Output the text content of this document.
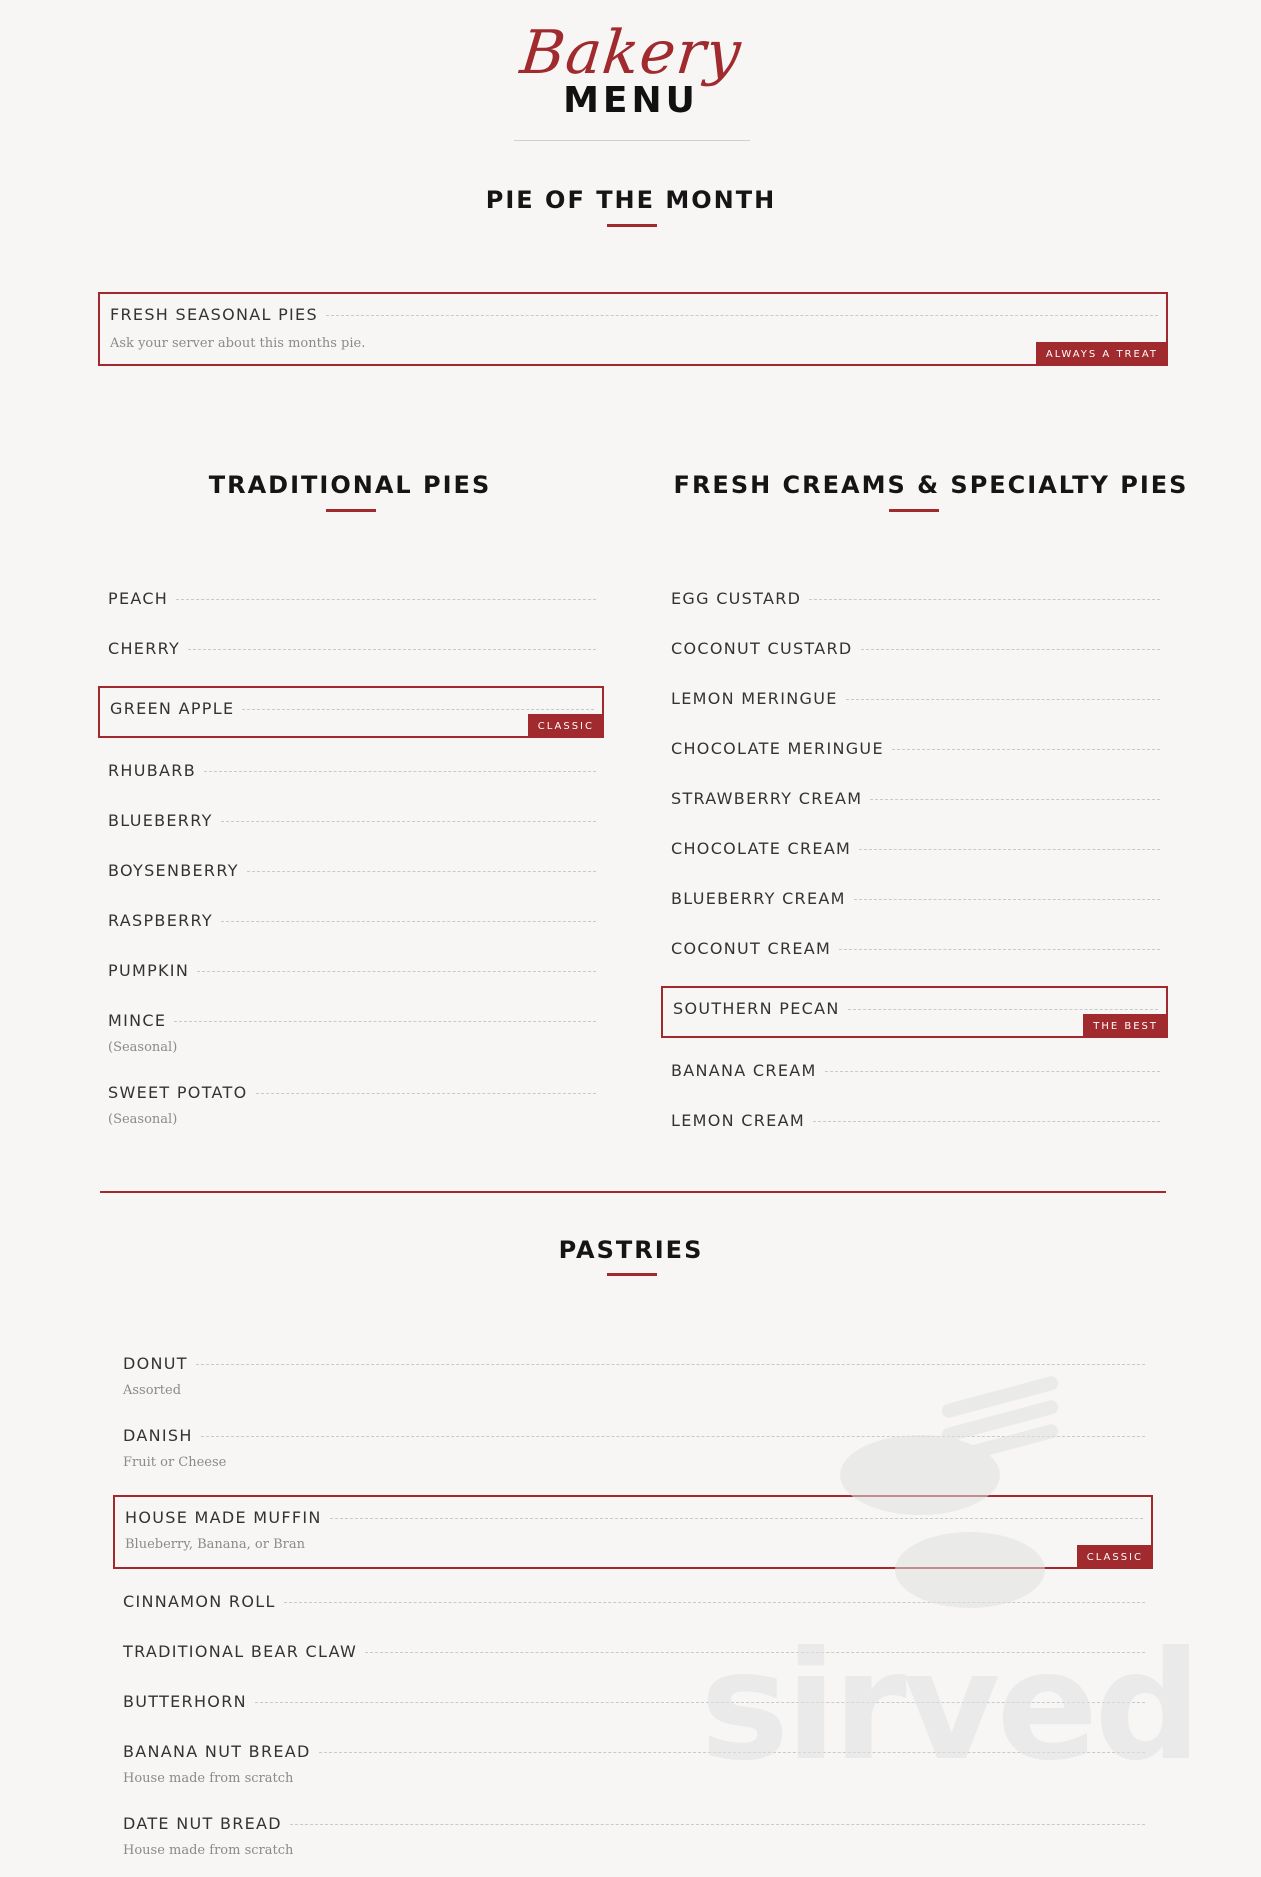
Bakery
MENU
PIE OF THE MONTH
FRESH SEASONAL PIES
Ask your server about this months pie.
ALWAYS A TREAT
TRADITIONAL PIES
PEACH
CHERRY
GREEN APPLE
CLASSIC
RHUBARB
BLUEBERRY
BOYSENBERRY
RASPBERRY
PUMPKIN
MINCE
(Seasonal)
SWEET POTATO
(Seasonal)
FRESH CREAMS & SPECIALTY PIES
EGG CUSTARD
COCONUT CUSTARD
LEMON MERINGUE
CHOCOLATE MERINGUE
STRAWBERRY CREAM
CHOCOLATE CREAM
BLUEBERRY CREAM
COCONUT CREAM
SOUTHERN PECAN
THE BEST
BANANA CREAM
LEMON CREAM
PASTRIES
DONUT
Assorted
DANISH
Fruit or Cheese
HOUSE MADE MUFFIN
Blueberry, Banana, or Bran
CLASSIC
CINNAMON ROLL
TRADITIONAL BEAR CLAW
BUTTERHORN
BANANA NUT BREAD
House made from scratch
DATE NUT BREAD
House made from scratch
sirved
